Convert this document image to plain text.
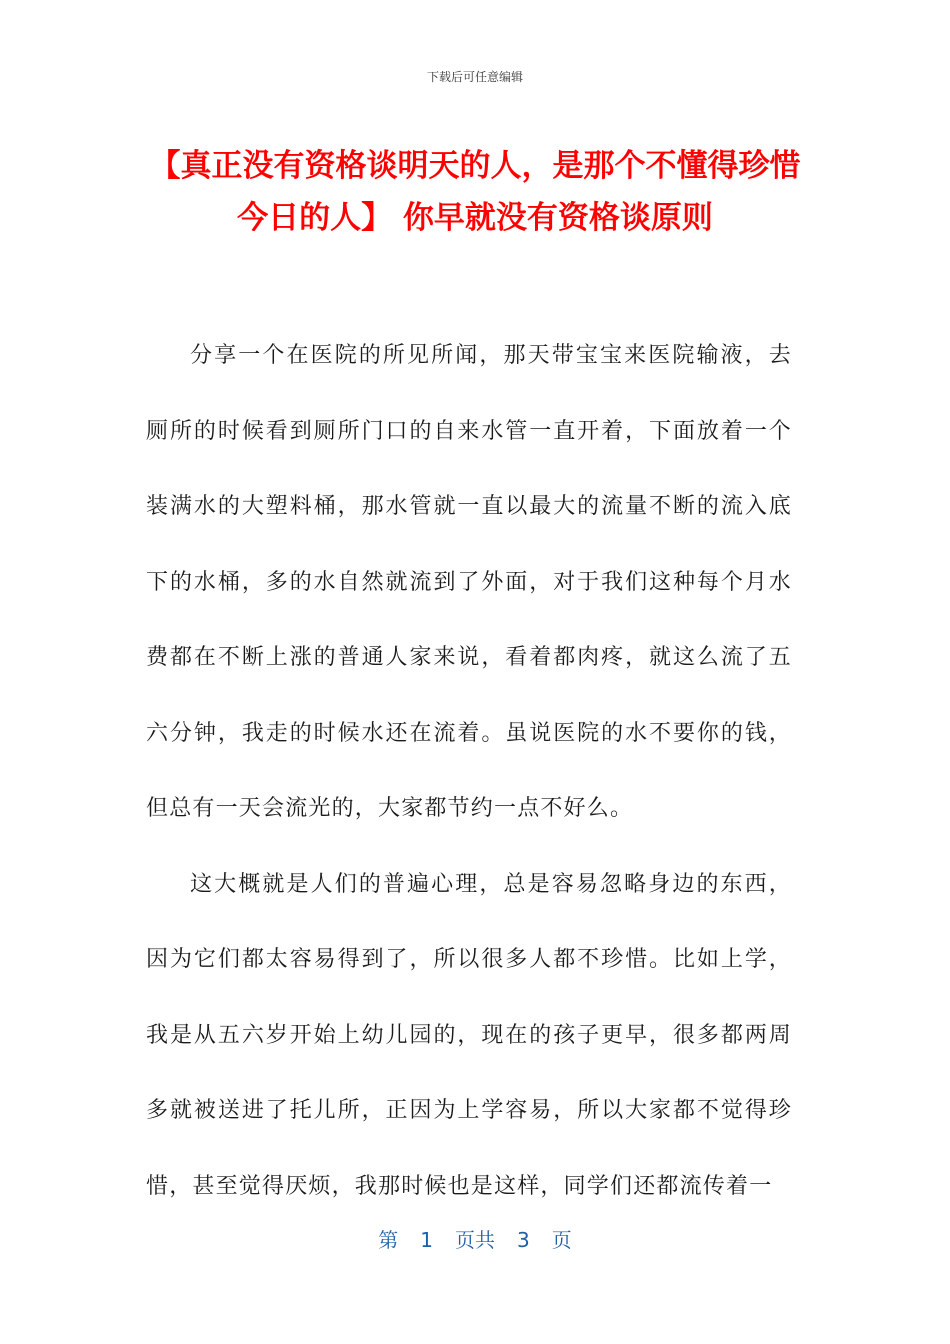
下载后可任意编辑
【真正没有资格谈明天的人，是那个不懂得珍惜今日的人】 你早就没有资格谈原则

分享一个在医院的所见所闻，那天带宝宝来医院输液，去厕所的时候看到厕所门口的自来水管一直开着，下面放着一个装满水的大塑料桶，那水管就一直以最大的流量不断的流入底下的水桶，多的水自然就流到了外面，对于我们这种每个月水费都在不断上涨的普通人家来说，看着都肉疼，就这么流了五六分钟，我走的时候水还在流着。虽说医院的水不要你的钱，但总有一天会流光的，大家都节约一点不好么。

这大概就是人们的普遍心理，总是容易忽略身边的东西，因为它们都太容易得到了，所以很多人都不珍惜。比如上学，我是从五六岁开始上幼儿园的，现在的孩子更早，很多都两周多就被送进了托儿所，正因为上学容易，所以大家都不觉得珍惜，甚至觉得厌烦，我那时候也是这样，同学们还都流传着一

第 1 页共 3 页
